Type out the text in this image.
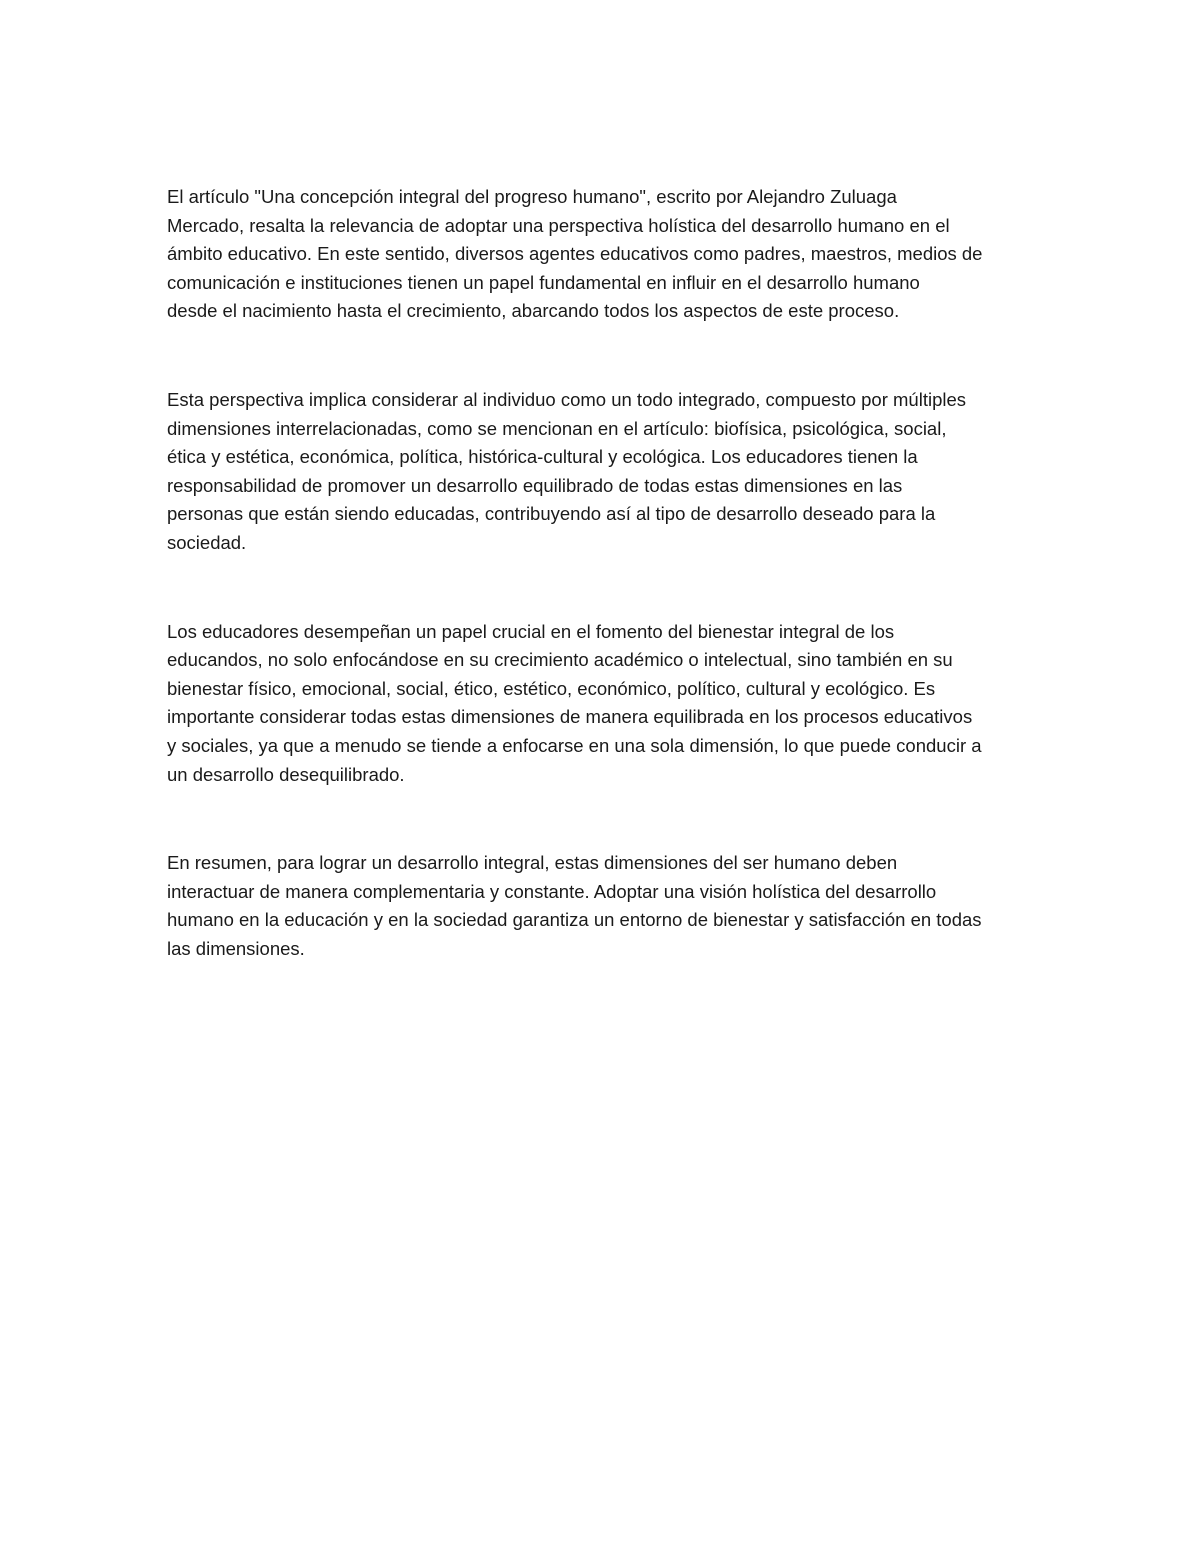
El artículo "Una concepción integral del progreso humano", escrito por Alejandro Zuluaga
Mercado, resalta la relevancia de adoptar una perspectiva holística del desarrollo humano en el
ámbito educativo. En este sentido, diversos agentes educativos como padres, maestros, medios de
comunicación e instituciones tienen un papel fundamental en influir en el desarrollo humano
desde el nacimiento hasta el crecimiento, abarcando todos los aspectos de este proceso.

Esta perspectiva implica considerar al individuo como un todo integrado, compuesto por múltiples
dimensiones interrelacionadas, como se mencionan en el artículo: biofísica, psicológica, social,
ética y estética, económica, política, histórica-cultural y ecológica. Los educadores tienen la
responsabilidad de promover un desarrollo equilibrado de todas estas dimensiones en las
personas que están siendo educadas, contribuyendo así al tipo de desarrollo deseado para la
sociedad.

Los educadores desempeñan un papel crucial en el fomento del bienestar integral de los
educandos, no solo enfocándose en su crecimiento académico o intelectual, sino también en su
bienestar físico, emocional, social, ético, estético, económico, político, cultural y ecológico. Es
importante considerar todas estas dimensiones de manera equilibrada en los procesos educativos
y sociales, ya que a menudo se tiende a enfocarse en una sola dimensión, lo que puede conducir a
un desarrollo desequilibrado.

En resumen, para lograr un desarrollo integral, estas dimensiones del ser humano deben
interactuar de manera complementaria y constante. Adoptar una visión holística del desarrollo
humano en la educación y en la sociedad garantiza un entorno de bienestar y satisfacción en todas
las dimensiones.
